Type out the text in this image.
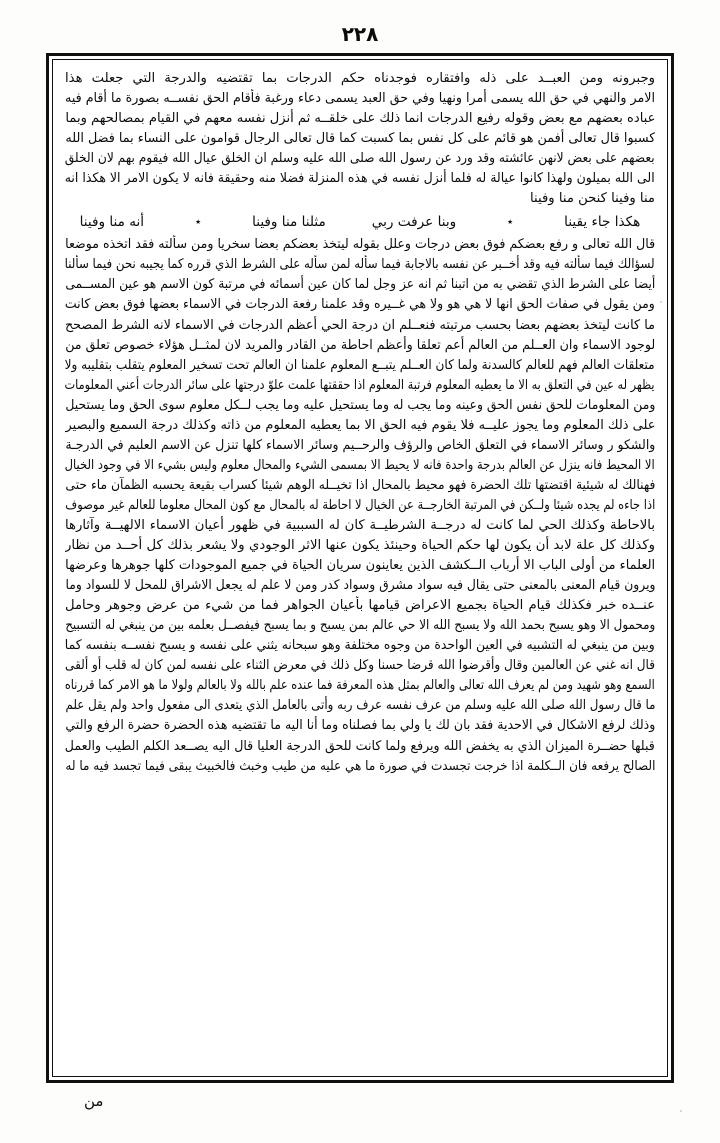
٢٢٨
وجبرونه ومن العبــد على ذله وافتقاره فوجدناه حكم الدرجات بما تقتضيه والدرجة التي جعلت هذا
الامر والنهي في حق الله يسمى أمرا ونهيا وفي حق العبد يسمى دعاء ورغبة فأقام الحق نفســه بصورة ما أقام فيه
عباده بعضهم مع بعض وقوله رفيع الدرجات انما ذلك على خلقــه ثم أنزل نفسه معهم في القيام بمصالحهم وبما
كسبوا قال تعالى أفمن هو قائم على كل نفس بما كسبت كما قال تعالى الرجال قوامون على النساء بما فضل الله
بعضهم على بعض لانهن عائشته وقد ورد عن رسول الله صلى الله عليه وسلم ان الخلق عيال الله فيقوم بهم لان الخلق
الى الله بميلون ولهذا كانوا عيالة له فلما أنزل نفسه في هذه المنزلة فضلا منه وحقيقة فانه لا يكون الامر الا هكذا انه
منا وفينا كنحن منا وفينا
هكذا جاء يقينا
٭
وبنا عرفت ربي
مثلنا منا وفينا
٭
أنه منا وفينا
قال الله تعالى و رفع بعضكم فوق بعض درجات وعلل بقوله ليتخذ بعضكم بعضا سخريا ومن سألته فقد اتخذه موضعا
لسؤالك فيما سألته فيه وقد أخــبر عن نفسه بالاجابة فيما سأله لمن سأله على الشرط الذي قرره كما يجيبه نحن فيما سألنا
أيضا على الشرط الذي تقضي به من اتبنا ثم انه عز وجل لما كان عين أسمائه في مرتبة كون الاسم هو عين المســمى
ومن يقول في صفات الحق انها لا هي هو ولا هي غــيره وقد علمنا رفعة الدرجات في الاسماء بعضها فوق بعض كانت
ما كانت ليتخذ بعضهم بعضا بحسب مرتبته فنعــلم ان درجة الحي أعظم الدرجات في الاسماء لانه الشرط المصحح
لوجود الاسماء وان العــلم من العالم أعم تعلقا وأعظم احاطة من القادر والمريد لان لمثــل هؤلاء خصوص تعلق من
متعلقات العالم فهم للعالم كالسدنة ولما كان العــلم يتبــع المعلوم علمنا ان العالم تحت تسخير المعلوم يتقلب بتقليبه ولا
يظهر له عين في التعلق به الا ما يعطيه المعلوم فرتبة المعلوم اذا حققتها علمت علوّ درجتها على سائر الدرجات أعني المعلومات
ومن المعلومات للحق نفس الحق وعينه وما يجب له وما يستحيل عليه وما يجب لــكل معلوم سوى الحق وما يستحيل
على ذلك المعلوم وما يجوز عليــه فلا يقوم فيه الحق الا بما يعطيه المعلوم من ذاته وكذلك درجة السميع والبصير
والشكو ر وسائر الاسماء في التعلق الخاص والرؤف والرحــيم وسائر الاسماء كلها تنزل عن الاسم العليم في الدرجـة
الا المحيط فانه ينزل عن العالم بدرجة واحدة فانه لا يحيط الا بمسمى الشيء والمحال معلوم وليس بشيء الا في وجود الخيال
فهنالك له شيئية اقتضتها تلك الحضرة فهو محيط بالمحال اذا تخيــله الوهم شيئا كسراب بقيعة يحسبه الظمآن ماء حتى
اذا جاءه لم يجده شيئا ولــكن في المرتبة الخارجــة عن الخيال لا احاطة له بالمحال مع كون المحال معلوما للعالم غير موصوف
بالاحاطة وكذلك الحي لما كانت له درجــة الشرطيــة كان له السببية في ظهور أعيان الاسماء الالهيــة وآثارها
وكذلك كل علة لابد أن يكون لها حكم الحياة وحينئذ يكون عنها الاثر الوجودي ولا يشعر بذلك كل أحــد من نظار
العلماء من أولى الباب الا أرباب الــكشف الذين يعاينون سريان الحياة في جميع الموجودات كلها جوهرها وعرضها
ويرون قيام المعنى بالمعنى حتى يقال فيه سواد مشرق وسواد كدر ومن لا علم له يجعل الاشراق للمحل لا للسواد وما
عنــده خبر فكذلك قيام الحياة بجميع الاعراض قيامها بأعيان الجواهر فما من شيء من عرض وجوهر وحامل
ومحمول الا وهو يسبح بحمد الله ولا يسبح الله الا حي عالم بمن يسبح و بما يسبح فيفصــل بعلمه بين من ينبغي له التسبيح
وبين من ينبغي له التشبيه في العين الواحدة من وجوه مختلفة وهو سبحانه يثني على نفسه و يسبح نفســه بنفسه كما
قال انه غني عن العالمين وقال وأقرضوا الله قرضا حسنا وكل ذلك في معرض الثناء على نفسه لمن كان له قلب أو ألقى
السمع وهو شهيد ومن لم يعرف الله تعالى والعالم بمثل هذه المعرفة فما عنده علم بالله ولا بالعالم ولولا ما هو الامر كما قررناه
ما قال رسول الله صلى الله عليه وسلم من عرف نفسه عرف ربه وأتى بالعامل الذي يتعدى الى مفعول واحد ولم يقل علم
وذلك لرفع الاشكال في الاحدية فقد بان لك يا ولي بما فصلناه وما أنا اليه ما تقتضيه هذه الحضرة حضرة الرفع والتي
قبلها حضــرة الميزان الذي به يخفض الله ويرفع ولما كانت للحق الدرجة العليا قال اليه يصــعد الكلم الطيب والعمل
الصالح يرفعه فان الــكلمة اذا خرجت تجسدت في صورة ما هي عليه من طيب وخبث فالخبيث يبقى فيما تجسد فيه ما له
من
